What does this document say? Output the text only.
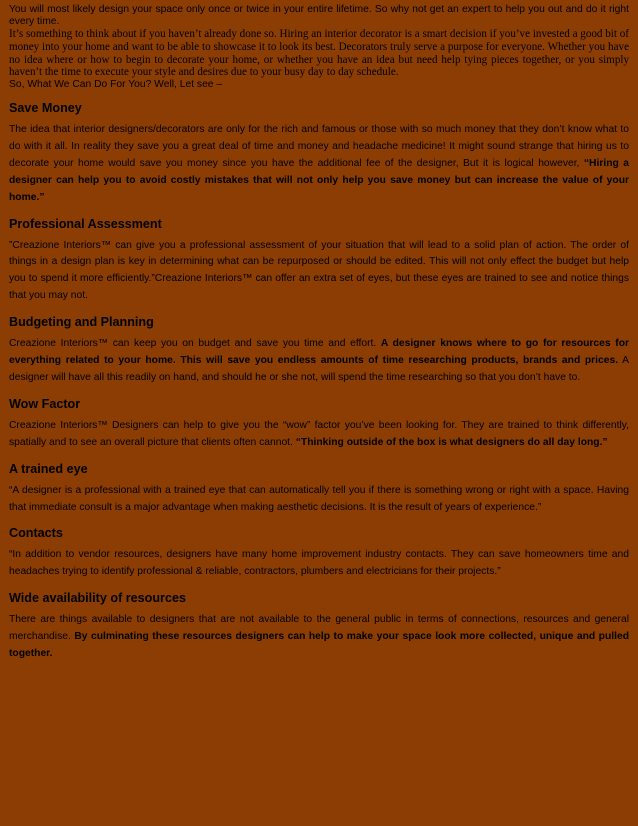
You will most likely design your space only once or twice in your entire lifetime. So why not get an expert to help you out and do it right every time.

It’s something to think about if you haven’t already done so. Hiring an interior decorator is a smart decision if you’ve invested a good bit of money into your home and want to be able to showcase it to look its best. Decorators truly serve a purpose for everyone. Whether you have no idea where or how to begin to decorate your home, or whether you have an idea but need help tying pieces together, or you simply haven’t the time to execute your style and desires due to your busy day to day schedule.

So, What We Can Do For You? Well, Let see –

Save Money

The idea that interior designers/decorators are only for the rich and famous or those with so much money that they don’t know what to do with it all. In reality they save you a great deal of time and money and headache medicine! It might sound strange that hiring us to decorate your home would save you money since you have the additional fee of the designer, But it is logical however, “Hiring a designer can help you to avoid costly mistakes that will not only help you save money but can increase the value of your home.”

Professional Assessment

”Creazione Interiors™ can give you a professional assessment of your situation that will lead to a solid plan of action. The order of things in a design plan is key in determining what can be repurposed or should be edited. This will not only effect the budget but help you to spend it more efficiently.”Creazione Interiors™ can offer an extra set of eyes, but these eyes are trained to see and notice things that you may not.

Budgeting and Planning

Creazione Interiors™ can keep you on budget and save you time and effort. A designer knows where to go for resources for everything related to your home. This will save you endless amounts of time researching products, brands and prices. A designer will have all this readily on hand, and should he or she not, will spend the time researching so that you don’t have to.

Wow Factor

Creazione Interiors™ Designers can help to give you the “wow” factor you’ve been looking for. They are trained to think differently, spatially and to see an overall picture that clients often cannot. “Thinking outside of the box is what designers do all day long.”

A trained eye

“A designer is a professional with a trained eye that can automatically tell you if there is something wrong or right with a space. Having that immediate consult is a major advantage when making aesthetic decisions. It is the result of years of experience.”

Contacts

“In addition to vendor resources, designers have many home improvement industry contacts. They can save homeowners time and headaches trying to identify professional & reliable, contractors, plumbers and electricians for their projects.”

Wide availability of resources

There are things available to designers that are not available to the general public in terms of connections, resources and general merchandise. By culminating these resources designers can help to make your space look more collected, unique and pulled together.
